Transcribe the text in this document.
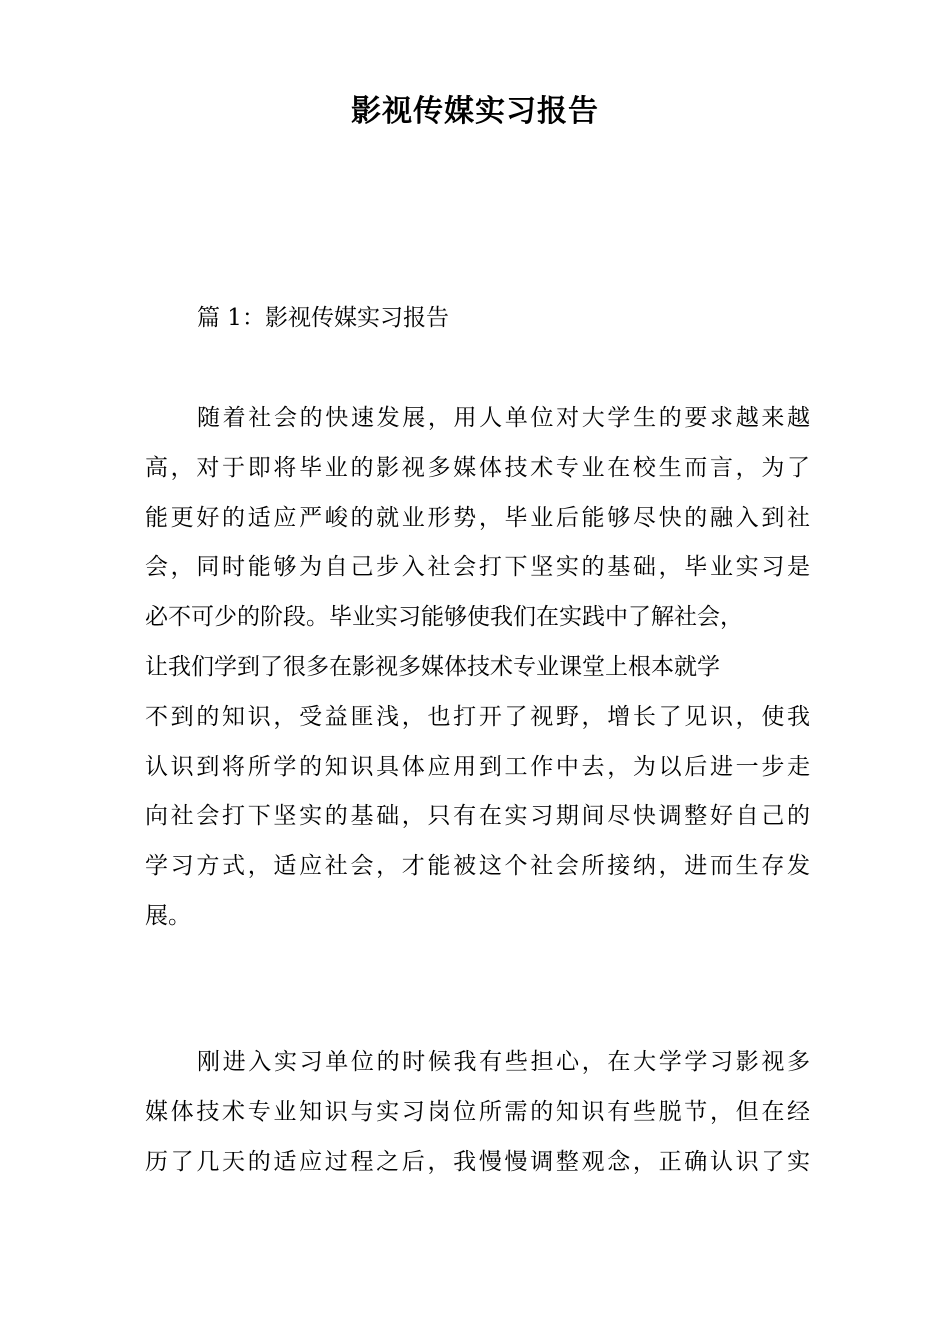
影视传媒实习报告

篇 1：影视传媒实习报告

随着社会的快速发展，用人单位对大学生的要求越来越
高，对于即将毕业的影视多媒体技术专业在校生而言，为了
能更好的适应严峻的就业形势，毕业后能够尽快的融入到社
会，同时能够为自己步入社会打下坚实的基础，毕业实习是
必不可少的阶段。毕业实习能够使我们在实践中了解社会，
让我们学到了很多在影视多媒体技术专业课堂上根本就学
不到的知识，受益匪浅，也打开了视野，增长了见识，使我
认识到将所学的知识具体应用到工作中去，为以后进一步走
向社会打下坚实的基础，只有在实习期间尽快调整好自己的
学习方式，适应社会，才能被这个社会所接纳，进而生存发
展。
刚进入实习单位的时候我有些担心，在大学学习影视多
媒体技术专业知识与实习岗位所需的知识有些脱节，但在经
历了几天的适应过程之后，我慢慢调整观念，正确认识了实
